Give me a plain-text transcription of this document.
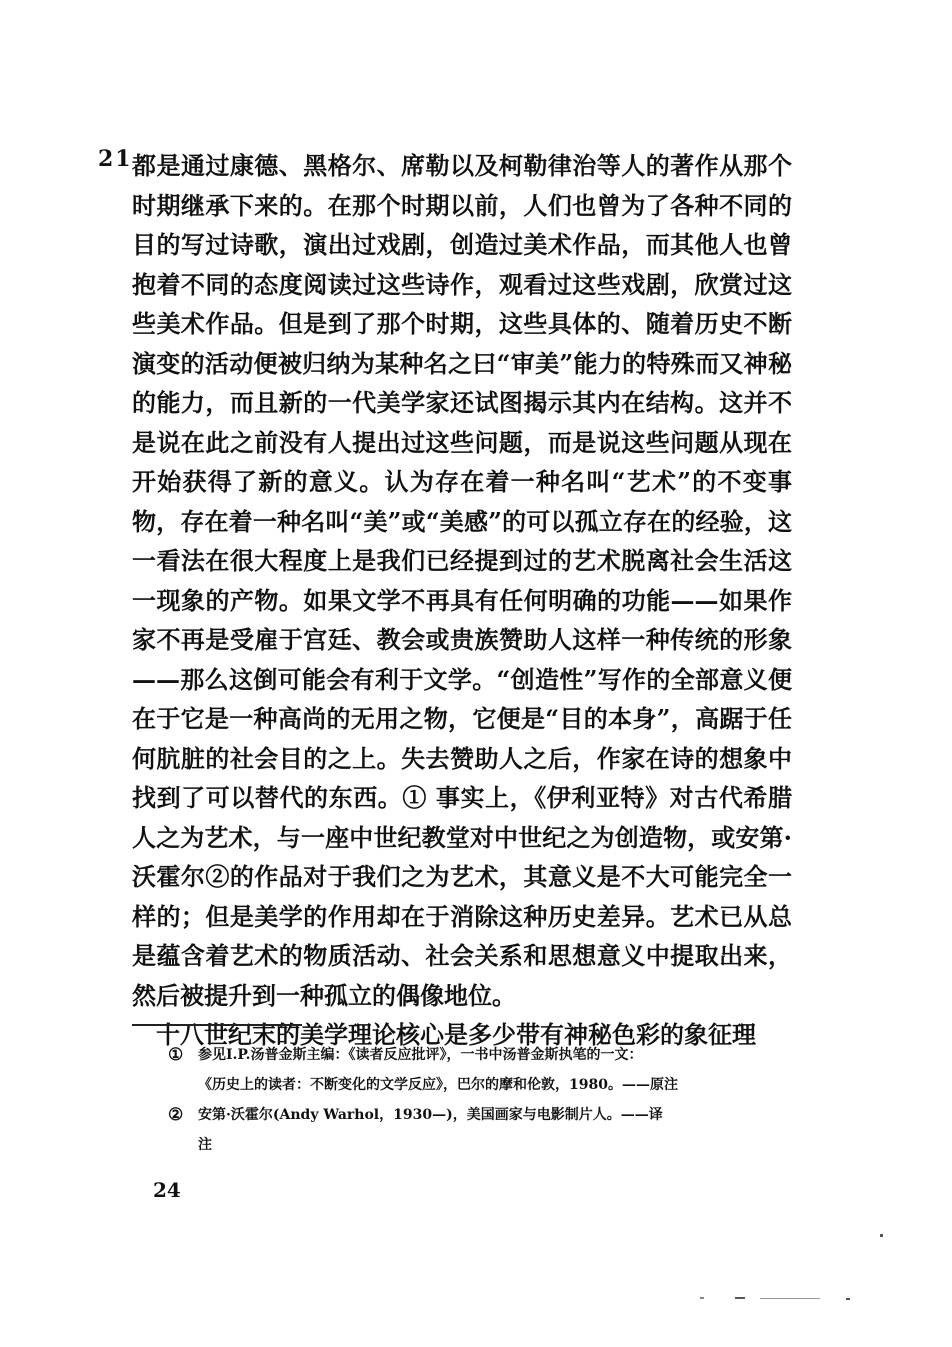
21 都是通过康德、黑格尔、席勒以及柯勒律治等人的著作从那个时期继承下来的。在那个时期以前，人们也曾为了各种不同的目的写过诗歌，演出过戏剧，创造过美术作品，而其他人也曾抱着不同的态度阅读过这些诗作，观看过这些戏剧，欣赏过这些美术作品。但是到了那个时期，这些具体的、随着历史不断演变的活动便被归纳为某种名之曰“审美”能力的特殊而又神秘的能力，而且新的一代美学家还试图揭示其内在结构。这并不是说在此之前没有人提出过这些问题，而是说这些问题从现在开始获得了新的意义。认为存在着一种名叫“艺术”的不变事物，存在着一种名叫“美”或“美感”的可以孤立存在的经验，这一看法在很大程度上是我们已经提到过的艺术脱离社会生活这一现象的产物。如果文学不再具有任何明确的功能——如果作家不再是受雇于宫廷、教会或贵族赞助人这样一种传统的形象——那么这倒可能会有利于文学。“创造性”写作的全部意义便在于它是一种高尚的无用之物，它便是“目的本身”，高踞于任何肮脏的社会目的之上。失去赞助人之后，作家在诗的想象中找到了可以替代的东西。① 事实上，《伊利亚特》对古代希腊人之为艺术，与一座中世纪教堂对中世纪之为创造物，或安第·沃霍尔②的作品对于我们之为艺术，其意义是不大可能完全一样的；但是美学的作用却在于消除这种历史差异。艺术已从总是蕴含着艺术的物质活动、社会关系和思想意义中提取出来，然后被提升到一种孤立的偶像地位。

十八世纪末的美学理论核心是多少带有神秘色彩的象征理

① 参见I.P.汤普金斯主编：《读者反应批评》，一书中汤普金斯执笔的一文：
《历史上的读者：不断变化的文学反应》，巴尔的摩和伦敦，1980。——原注
② 安第·沃霍尔(Andy Warhol，1930—)，美国画家与电影制片人。——译
注
24
